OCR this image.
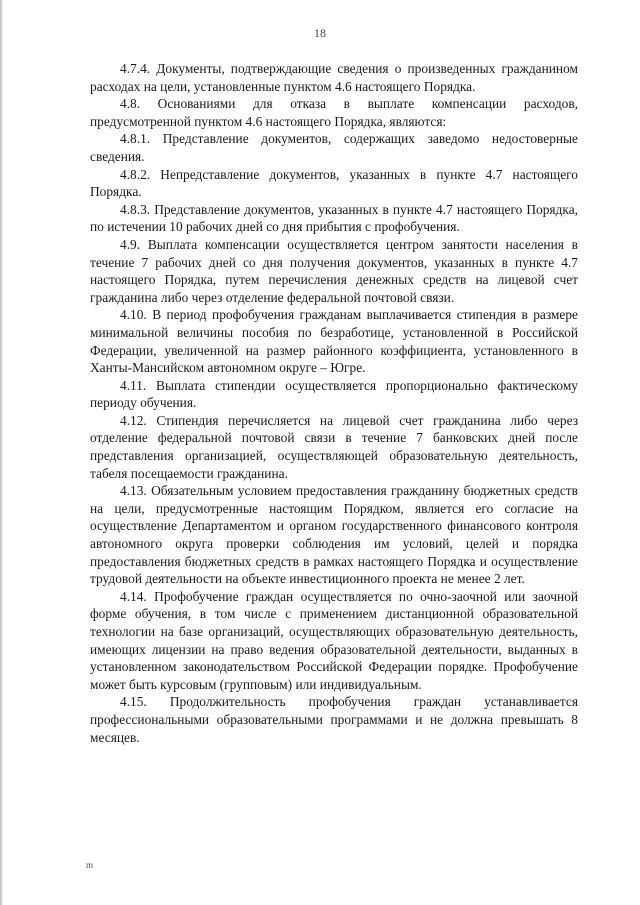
18

4.7.4. Документы, подтверждающие сведения о произведенных гражданином расходах на цели, установленные пунктом 4.6 настоящего Порядка.

4.8. Основаниями для отказа в выплате компенсации расходов, предусмотренной пунктом 4.6 настоящего Порядка, являются:

4.8.1. Представление документов, содержащих заведомо недостоверные сведения.

4.8.2. Непредставление документов, указанных в пункте 4.7 настоящего Порядка.

4.8.3. Представление документов, указанных в пункте 4.7 настоящего Порядка, по истечении 10 рабочих дней со дня прибытия с профобучения.

4.9. Выплата компенсации осуществляется центром занятости населения в течение 7 рабочих дней со дня получения документов, указанных в пункте 4.7 настоящего Порядка, путем перечисления денежных средств на лицевой счет гражданина либо через отделение федеральной почтовой связи.

4.10. В период профобучения гражданам выплачивается стипендия в размере минимальной величины пособия по безработице, установленной в Российской Федерации, увеличенной на размер районного коэффициента, установленного в Ханты-Мансийском автономном округе – Югре.

4.11. Выплата стипендии осуществляется пропорционально фактическому периоду обучения.

4.12. Стипендия перечисляется на лицевой счет гражданина либо через отделение федеральной почтовой связи в течение 7 банковских дней после представления организацией, осуществляющей образовательную деятельность, табеля посещаемости гражданина.

4.13. Обязательным условием предоставления гражданину бюджетных средств на цели, предусмотренные настоящим Порядком, является его согласие на осуществление Департаментом и органом государственного финансового контроля автономного округа проверки соблюдения им условий, целей и порядка предоставления бюджетных средств в рамках настоящего Порядка и осуществление трудовой деятельности на объекте инвестиционного проекта не менее 2 лет.

4.14. Профобучение граждан осуществляется по очно-заочной или заочной форме обучения, в том числе с применением дистанционной образовательной технологии на базе организаций, осуществляющих образовательную деятельность, имеющих лицензии на право ведения образовательной деятельности, выданных в установленном законодательством Российской Федерации порядке. Профобучение может быть курсовым (групповым) или индивидуальным.

4.15. Продолжительность профобучения граждан устанавливается профессиональными образовательными программами и не должна превышать 8 месяцев.

m
